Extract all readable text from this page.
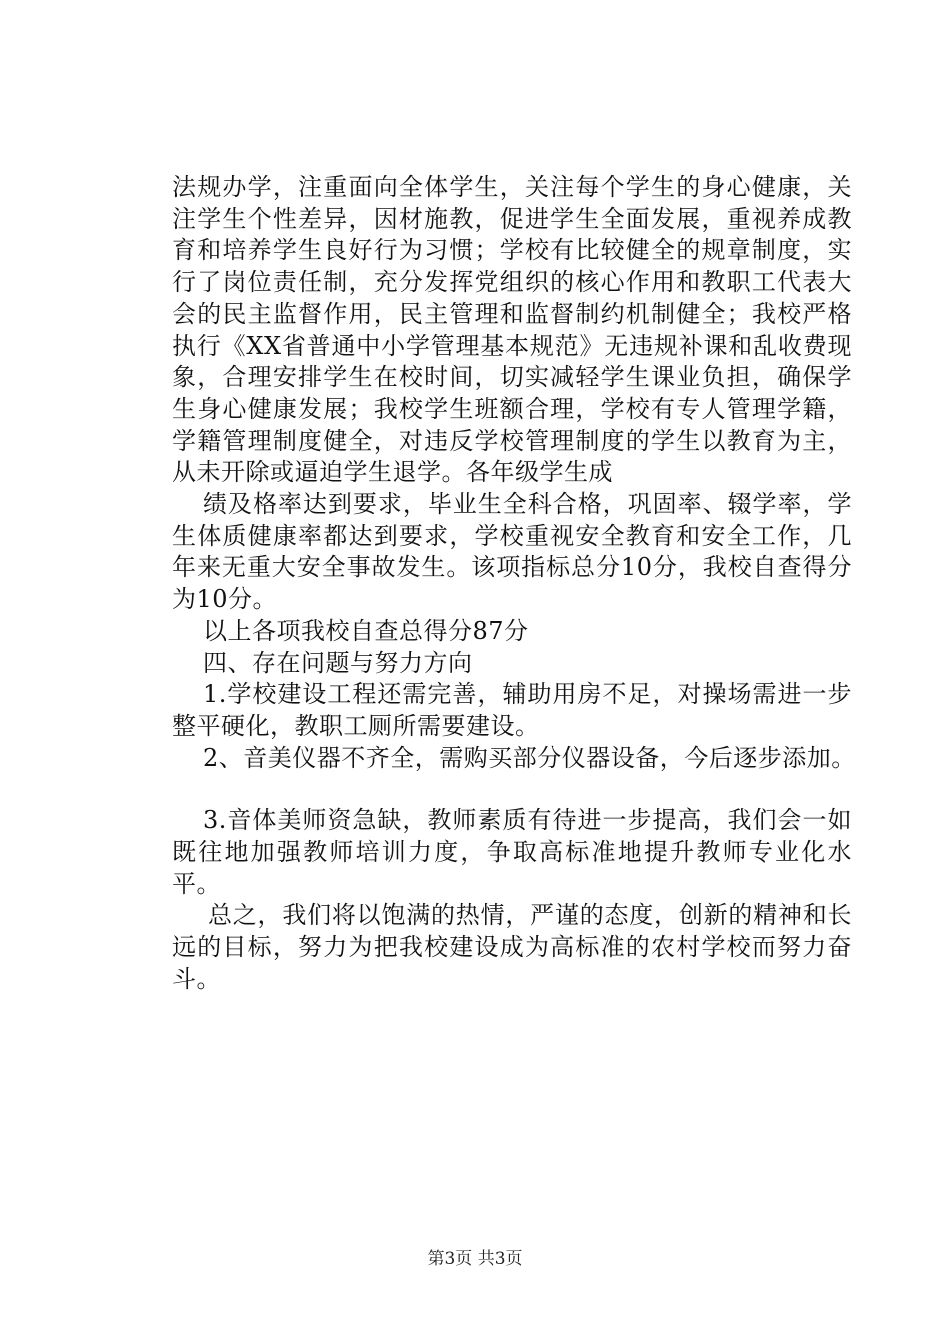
法规办学，注重面向全体学生，关注每个学生的身心健康，关注学生个性差异，因材施教，促进学生全面发展，重视养成教育和培养学生良好行为习惯；学校有比较健全的规章制度，实行了岗位责任制，充分发挥党组织的核心作用和教职工代表大会的民主监督作用，民主管理和监督制约机制健全；我校严格执行《XX省普通中小学管理基本规范》无违规补课和乱收费现象，合理安排学生在校时间，切实减轻学生课业负担，确保学生身心健康发展；我校学生班额合理，学校有专人管理学籍，学籍管理制度健全，对违反学校管理制度的学生以教育为主，从未开除或逼迫学生退学。各年级学生成

绩及格率达到要求，毕业生全科合格，巩固率、辍学率，学生体质健康率都达到要求，学校重视安全教育和安全工作，几年来无重大安全事故发生。该项指标总分10分，我校自查得分为10分。

以上各项我校自查总得分87分

四、存在问题与努力方向

1.学校建设工程还需完善，辅助用房不足，对操场需进一步整平硬化，教职工厕所需要建设。

2、音美仪器不齐全，需购买部分仪器设备，今后逐步添加。

3.音体美师资急缺，教师素质有待进一步提高，我们会一如既往地加强教师培训力度，争取高标准地提升教师专业化水平。

总之，我们将以饱满的热情，严谨的态度，创新的精神和长远的目标，努力为把我校建设成为高标准的农村学校而努力奋斗。

第3页 共3页
